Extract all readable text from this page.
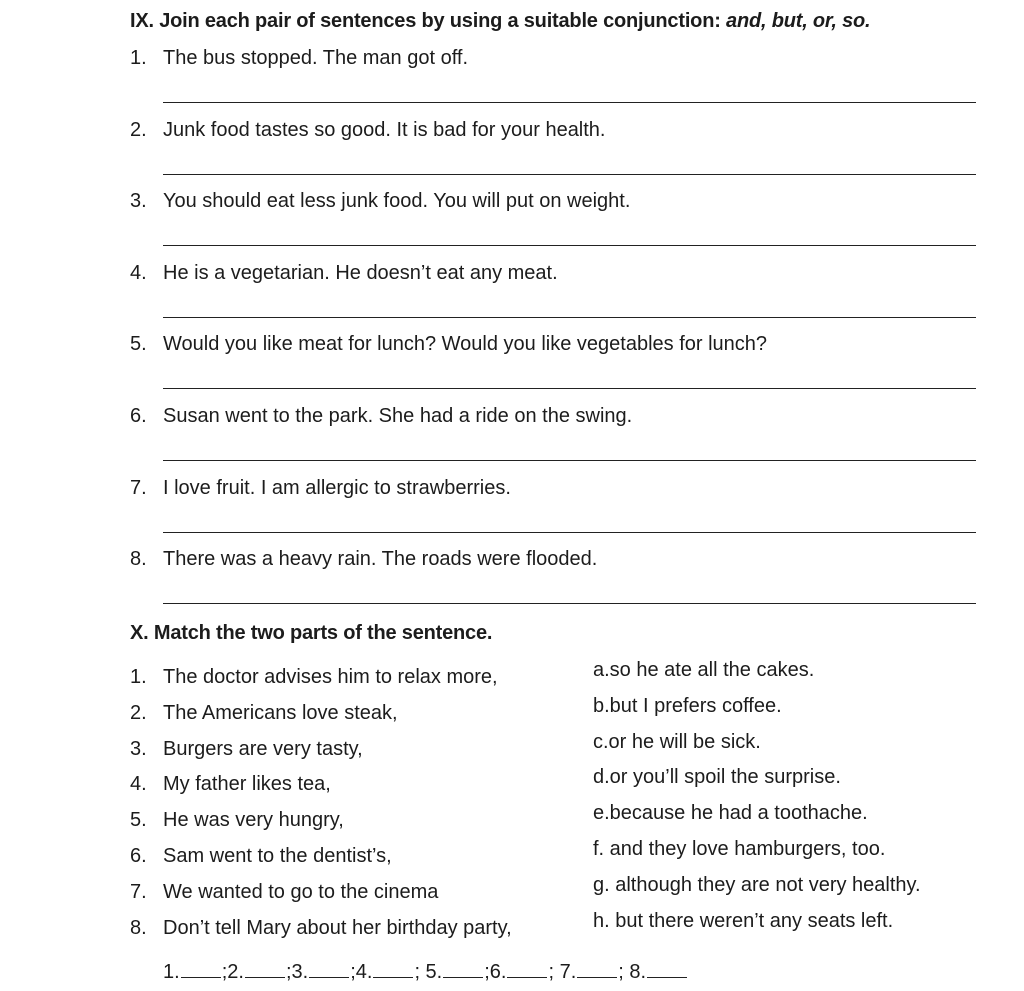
IX. Join each pair of sentences by using a suitable conjunction: and, but, or, so.
1. The bus stopped. The man got off.
2. Junk food tastes so good. It is bad for your health.
3. You should eat less junk food. You will put on weight.
4. He is a vegetarian. He doesn’t eat any meat.
5. Would you like meat for lunch? Would you like vegetables for lunch?
6. Susan went to the park. She had a ride on the swing.
7. I love fruit. I am allergic to strawberries.
8. There was a heavy rain. The roads were flooded.
X. Match the two parts of the sentence.
1. The doctor advises him to relax more,
2. The Americans love steak,
3. Burgers are very tasty,
4. My father likes tea,
5. He was very hungry,
6. Sam went to the dentist’s,
7. We wanted to go to the cinema
8. Don’t tell Mary about her birthday party,
a.so he ate all the cakes.
b.but I prefers coffee.
c.or he will be sick.
d.or you’ll spoil the surprise.
e.because he had a toothache.
f. and they love hamburgers, too.
g. although they are not very healthy.
h. but there weren’t any seats left.
1. ;2. ;3. ;4. ; 5. ;6. ; 7. ; 8.
